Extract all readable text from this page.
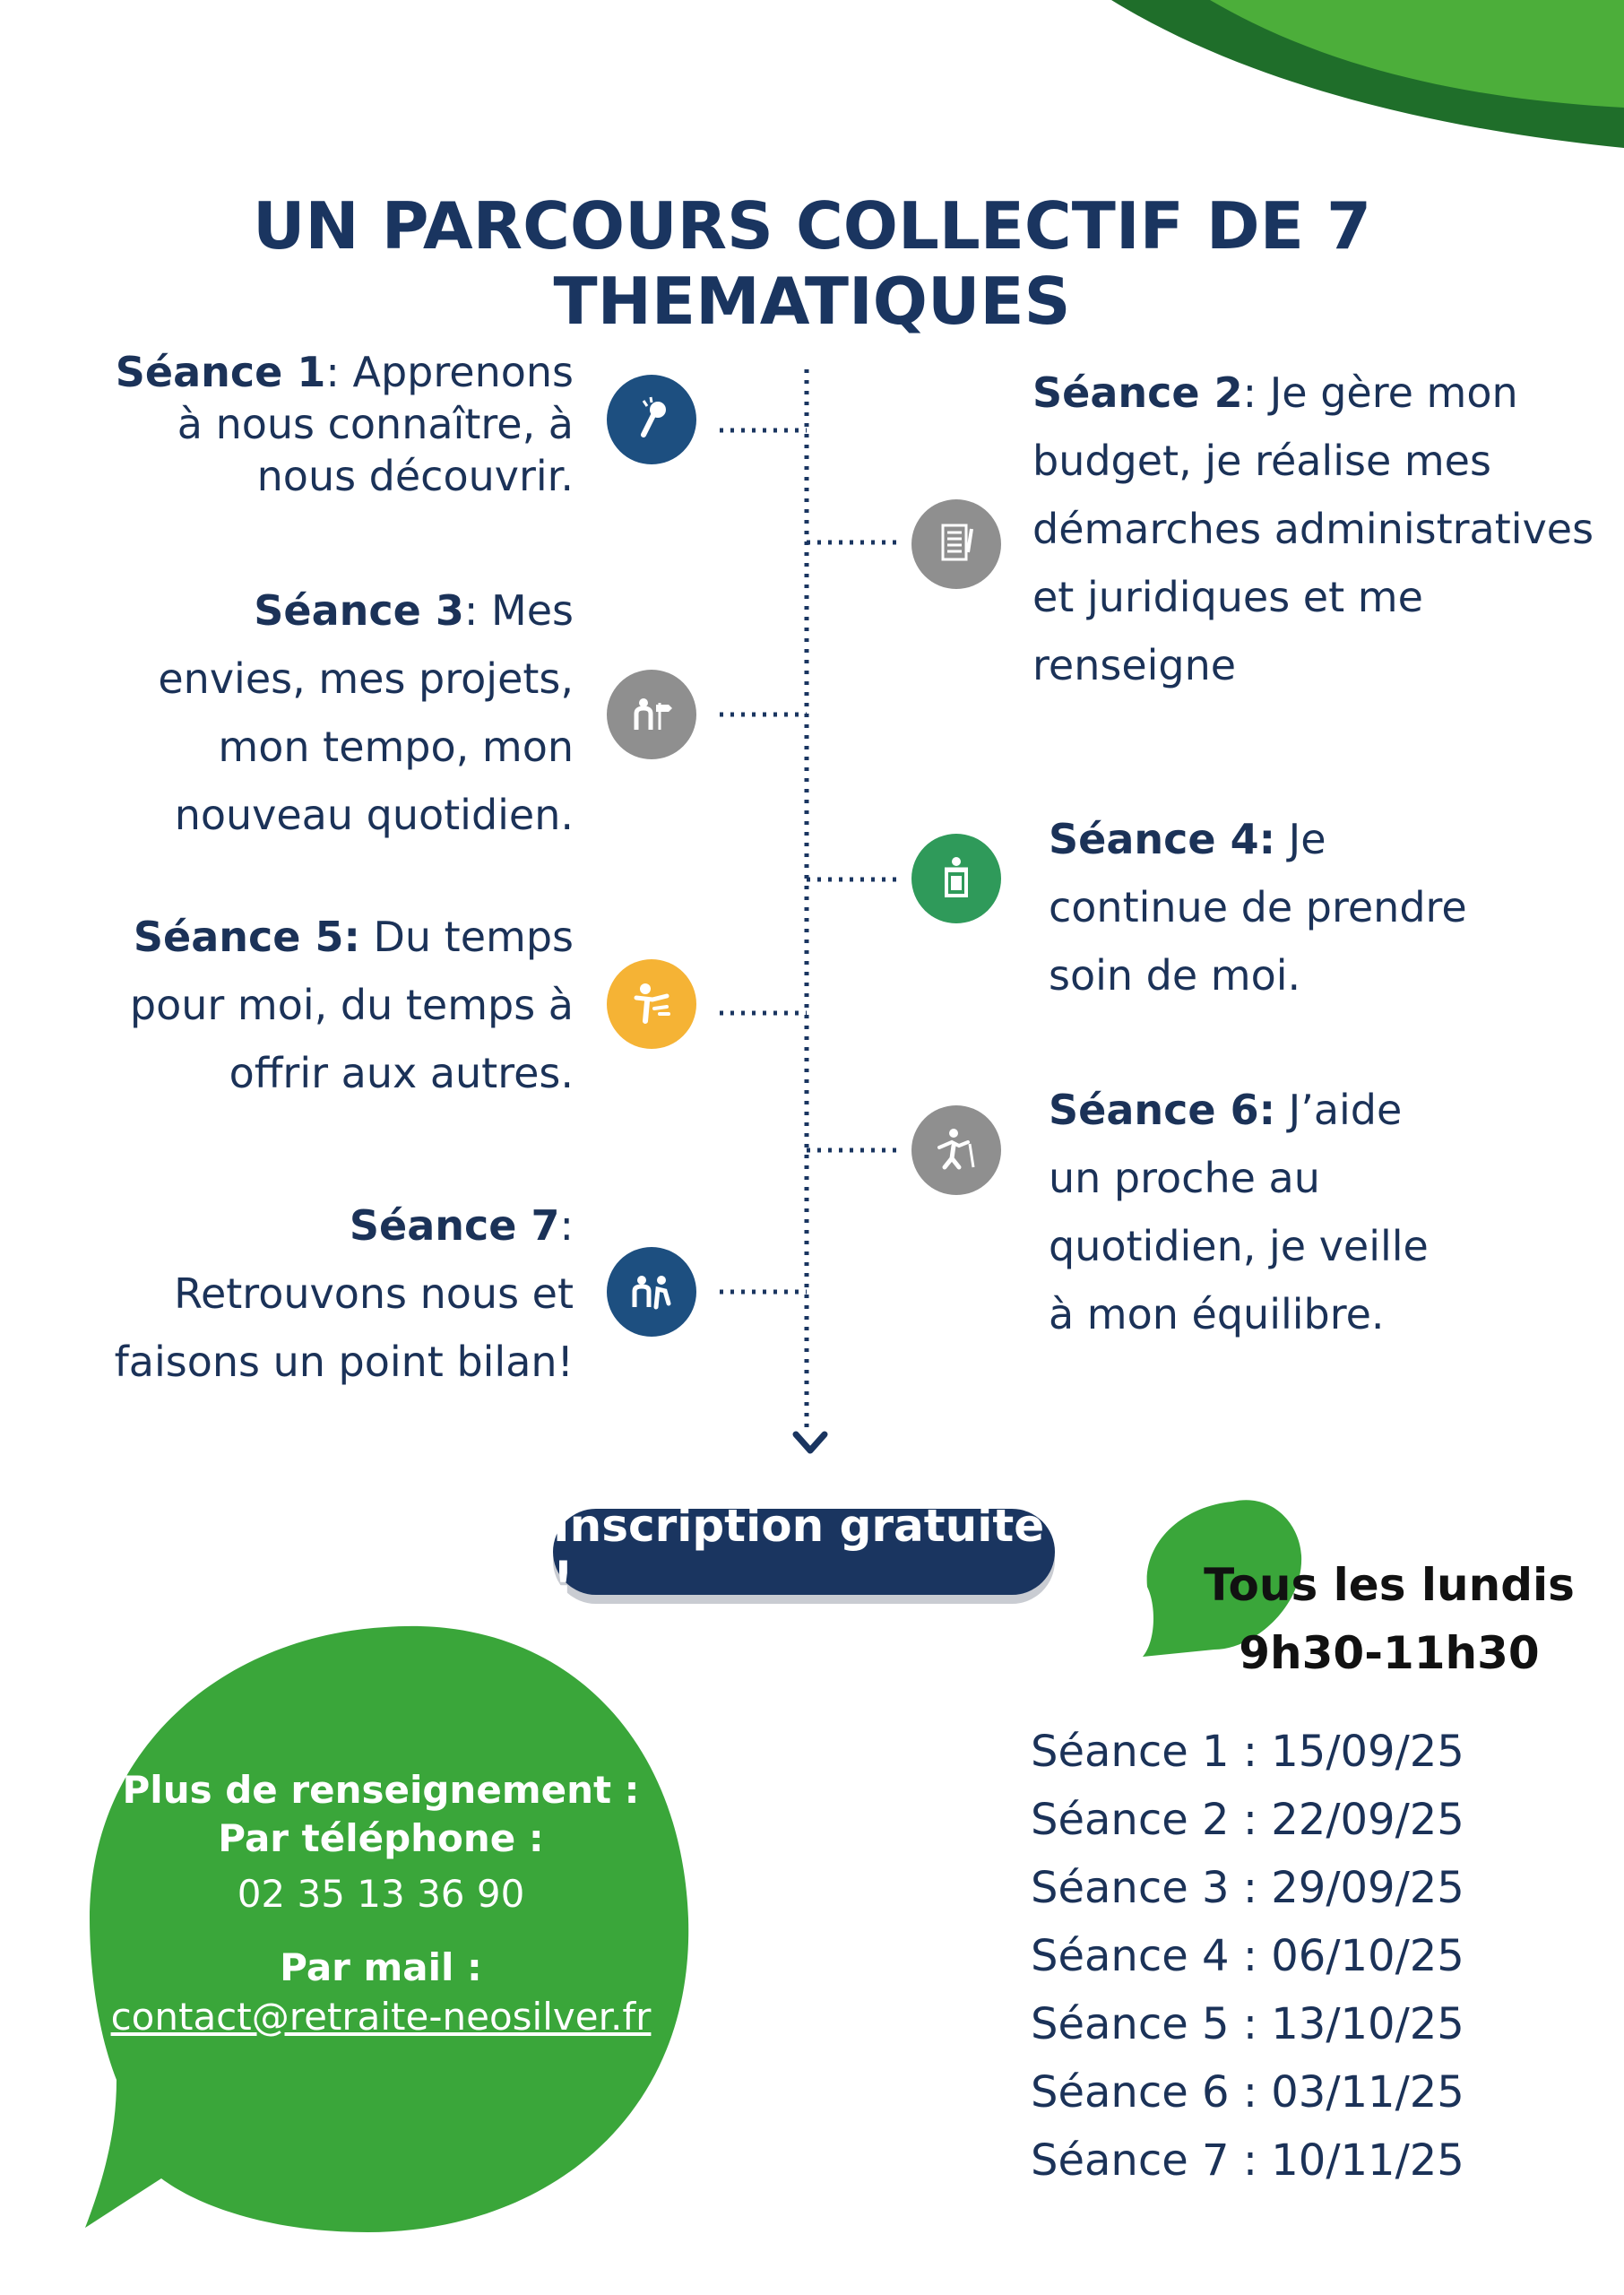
UN PARCOURS COLLECTIF DE 7 THEMATIQUES
Séance 1: Apprenons
à nous connaître, à
nous découvrir.
Séance 2: Je gère mon
budget, je réalise mes
démarches administratives
et juridiques et me
renseigne
Séance 3: Mes
envies, mes projets,
mon tempo, mon
nouveau quotidien.	Séance 4: Je
continue de prendre
soin de moi.
Séance 5: Du temps
pour moi, du temps à
offrir aux autres.
Séance 6: J’aide
un proche au
quotidien, je veille
à mon équilibre.
Séance 7:
Retrouvons nous et
faisons un point bilan!
Inscription gratuite !	Tous les lundis
9h30-11h30
Plus de renseignement :
Par téléphone :
02 35 13 36 90
Par mail :
contact@retraite-neosilver.fr
Séance 1 : 15/09/25
Séance 2 : 22/09/25
Séance 3 : 29/09/25
Séance 4 : 06/10/25
Séance 5 : 13/10/25
Séance 6 : 03/11/25
Séance 7 : 10/11/25
